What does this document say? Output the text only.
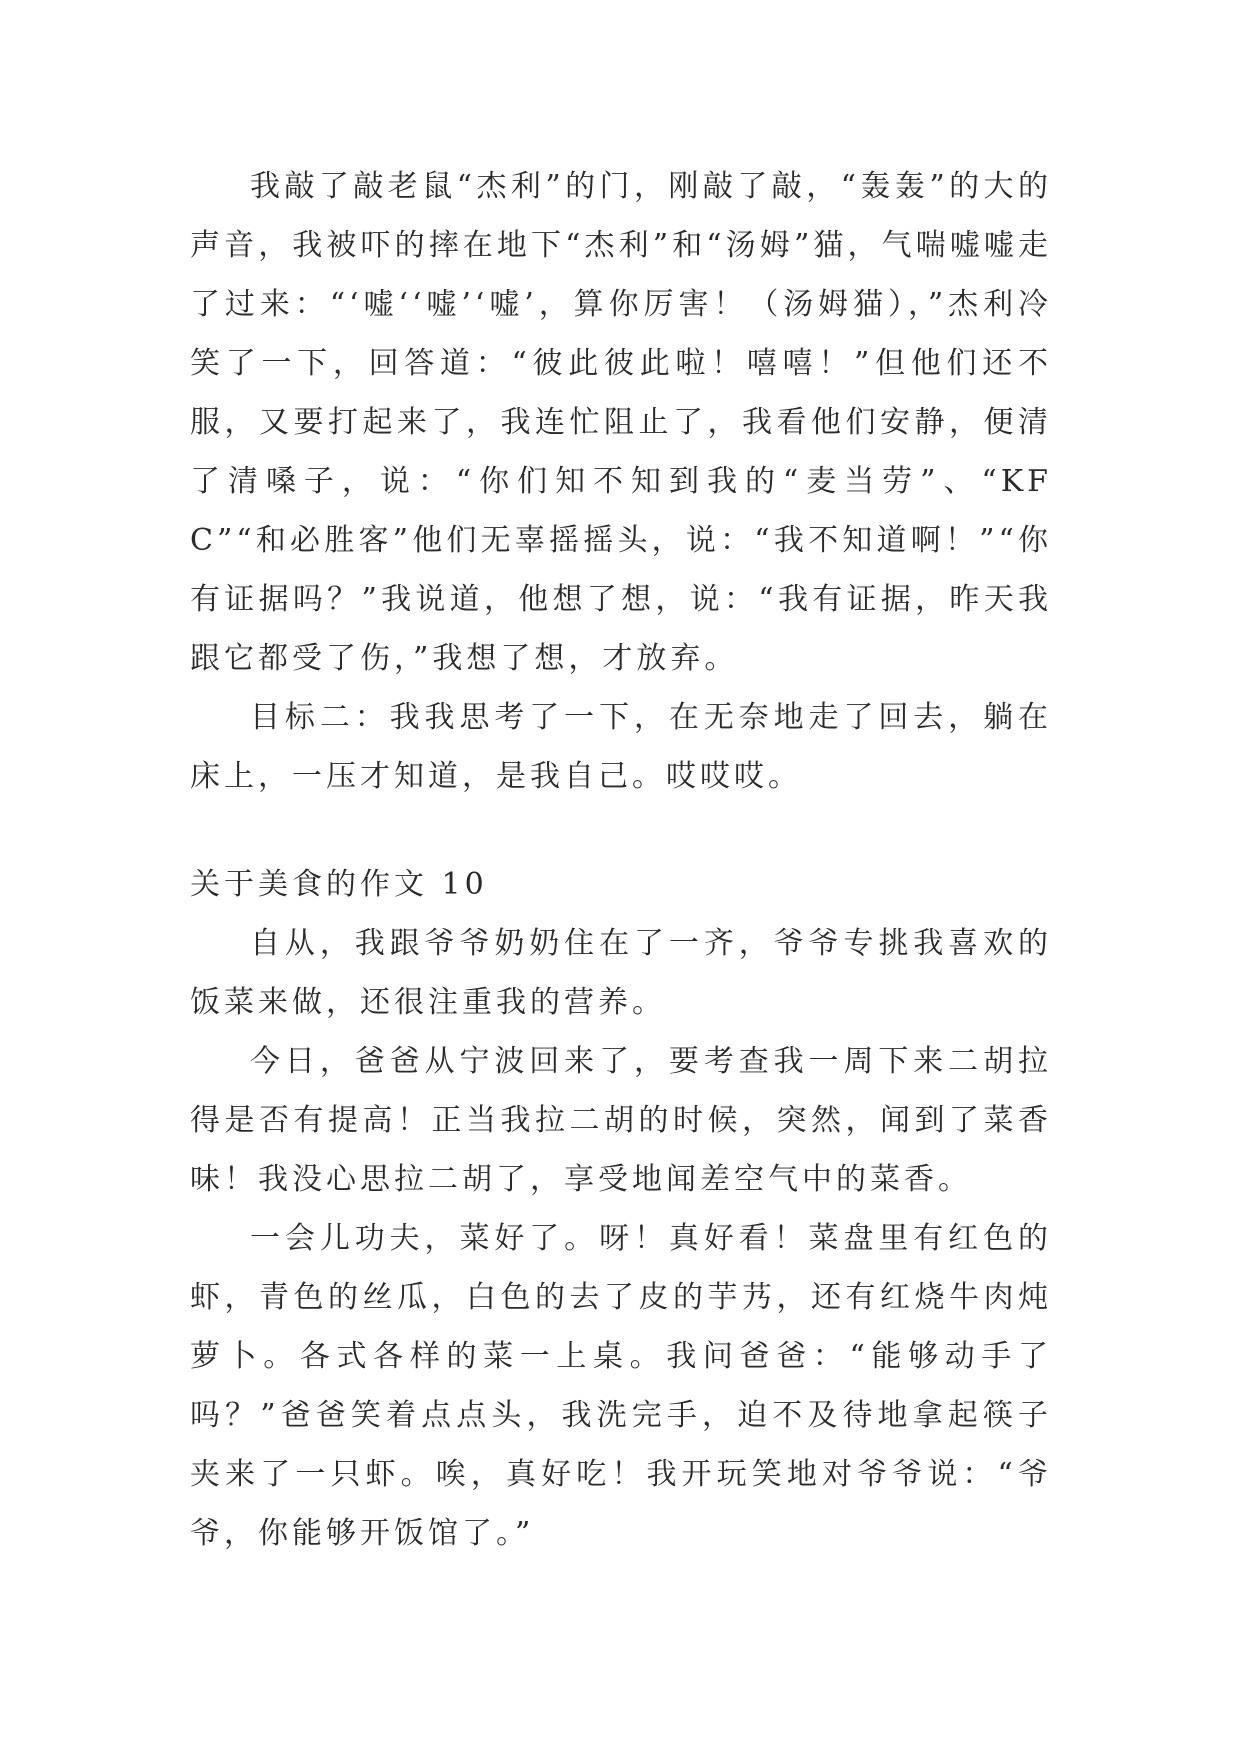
我敲了敲老鼠“杰利”的门，刚敲了敲，“轰轰”的大的声音，我被吓的摔在地下“杰利”和“汤姆”猫，气喘嘘嘘走了过来：“‘嘘‘‘嘘’‘嘘’，算你厉害！（汤姆猫），”杰利冷笑了一下，回答道：“彼此彼此啦！嘻嘻！”但他们还不服，又要打起来了，我连忙阻止了，我看他们安静，便清了清嗓子，说：“你们知不知到我的“麦当劳”、“KFC”“和必胜客”他们无辜摇摇头，说：“我不知道啊！”“你有证据吗？”我说道，他想了想，说：“我有证据，昨天我跟它都受了伤，”我想了想，才放弃。

目标二：我我思考了一下，在无奈地走了回去，躺在床上，一压才知道，是我自己。哎哎哎。

关于美食的作文 10

自从，我跟爷爷奶奶住在了一齐，爷爷专挑我喜欢的饭菜来做，还很注重我的营养。

今日，爸爸从宁波回来了，要考查我一周下来二胡拉得是否有提高！正当我拉二胡的时候，突然，闻到了菜香味！我没心思拉二胡了，享受地闻差空气中的菜香。

一会儿功夫，菜好了。呀！真好看！菜盘里有红色的虾，青色的丝瓜，白色的去了皮的芋艿，还有红烧牛肉炖萝卜。各式各样的菜一上桌。我问爸爸：“能够动手了吗？”爸爸笑着点点头，我洗完手，迫不及待地拿起筷子夹来了一只虾。唉，真好吃！我开玩笑地对爷爷说：“爷爷，你能够开饭馆了。”
